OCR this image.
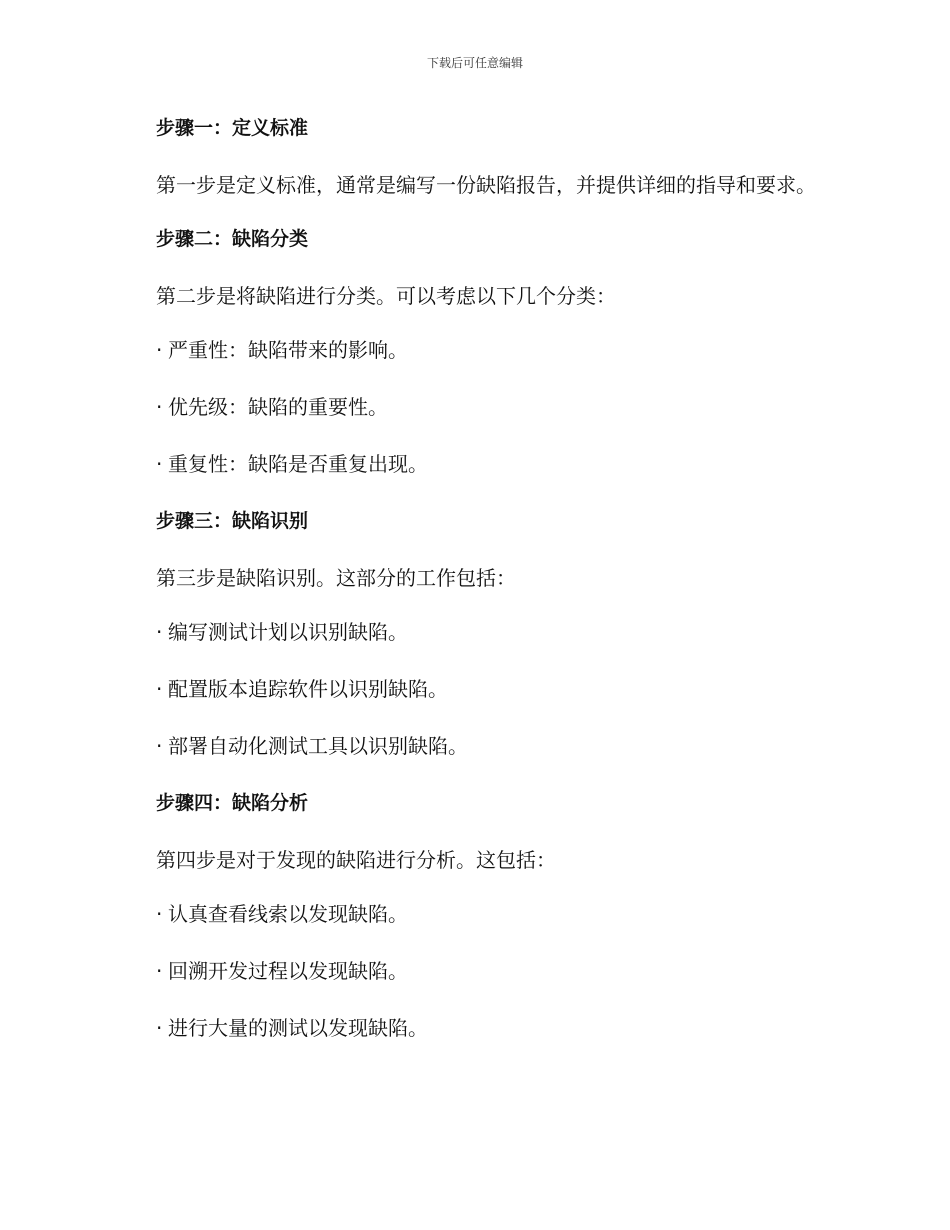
下载后可任意编辑
步骤一：定义标准
第一步是定义标准，通常是编写一份缺陷报告，并提供详细的指导和要求。
步骤二：缺陷分类
第二步是将缺陷进行分类。可以考虑以下几个分类：
· 严重性：缺陷带来的影响。
· 优先级：缺陷的重要性。
· 重复性：缺陷是否重复出现。
步骤三：缺陷识别
第三步是缺陷识别。这部分的工作包括：
· 编写测试计划以识别缺陷。
· 配置版本追踪软件以识别缺陷。
· 部署自动化测试工具以识别缺陷。
步骤四：缺陷分析
第四步是对于发现的缺陷进行分析。这包括：
· 认真查看线索以发现缺陷。
· 回溯开发过程以发现缺陷。
· 进行大量的测试以发现缺陷。
